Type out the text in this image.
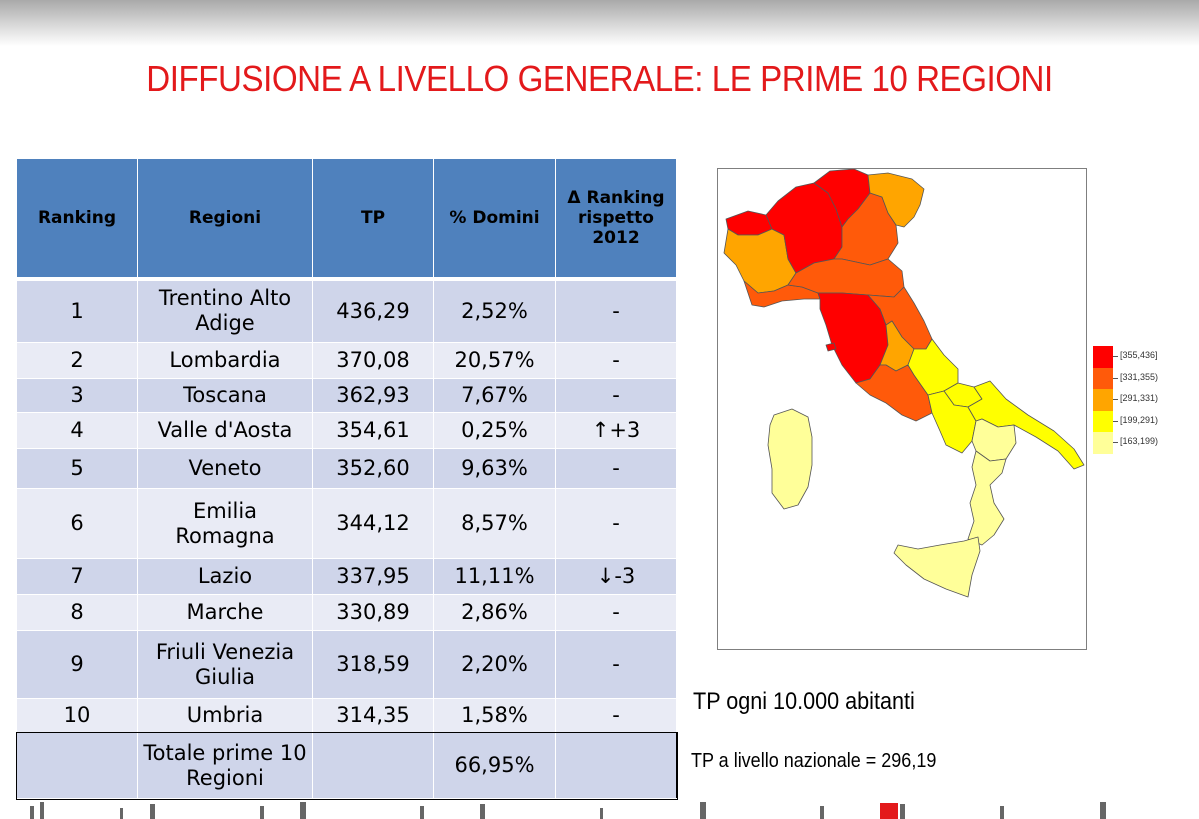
DIFFUSIONE A LIVELLO GENERALE: LE PRIME 10 REGIONI
Ranking	Regioni	TP	% Domini	Δ Ranking rispetto 2012
1	Trentino Alto Adige	436,29	2,52%	-
2	Lombardia	370,08	20,57%	-
3	Toscana	362,93	7,67%	-
4	Valle d'Aosta	354,61	0,25%	↑+3
5	Veneto	352,60	9,63%	-
6	Emilia Romagna	344,12	8,57%	-
7	Lazio	337,95	11,11%	↓-3
8	Marche	330,89	2,86%	-
9	Friuli Venezia Giulia	318,59	2,20%	-
10	Umbria	314,35	1,58%	-
	Totale prime 10 Regioni		66,95%	
[355,436]
[331,355)
[291,331)
[199,291)
[163,199)
TP ogni 10.000 abitanti
TP a livello nazionale = 296,19
